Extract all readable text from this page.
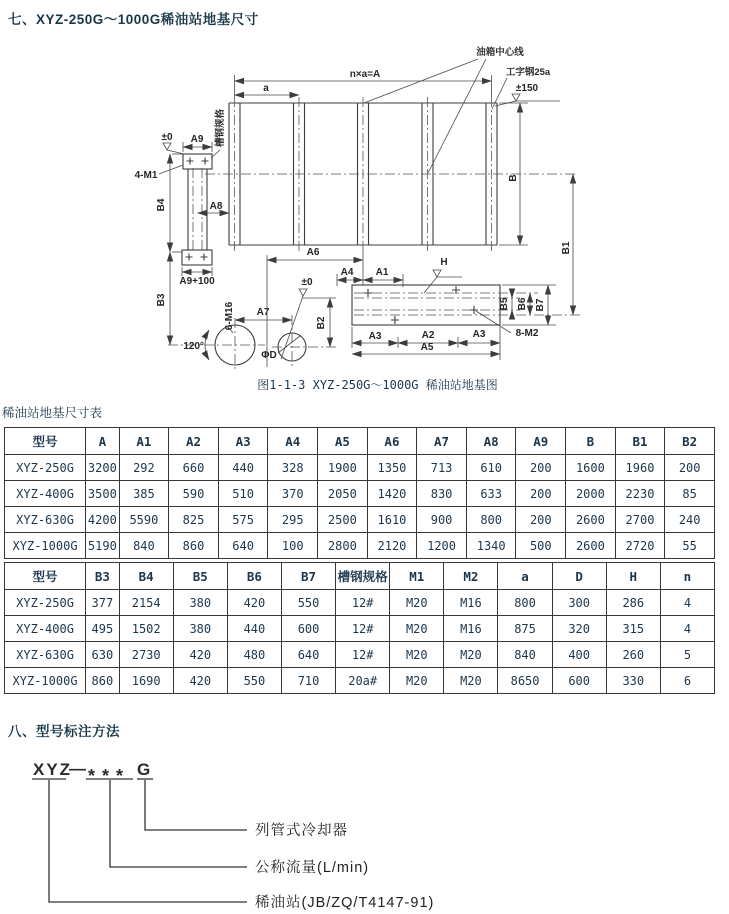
七、XYZ-250G～1000G稀油站地基尺寸
n×a=A
a
油箱中心线
工字钢25a
±150
B
B1
±0 A9 槽钢规格
4-M1
B4	A8
A9+100
B3
120°
6-M16
±0
A7
ΦD
B2
B5 B6 B7
H
A6
A4 A1
8-M2
A3	A2	A3
A5
图1-1-3 XYZ-250G～1000G 稀油站地基图
稀油站地基尺寸表
型号	A	A1	A2	A3	A4	A5	A6	A7	A8	A9	B	B1	B2
XYZ-250G	3200	292	660	440	328	1900	1350	713	610	200	1600	1960	200
XYZ-400G	3500	385	590	510	370	2050	1420	830	633	200	2000	2230	85
XYZ-630G	4200	5590	825	575	295	2500	1610	900	800	200	2600	2700	240
XYZ-1000G	5190	840	860	640	100	2800	2120	1200	1340	500	2600	2720	55
型号	B3	B4	B5	B6	B7	槽钢规格	M1	M2	a	D	H	n
XYZ-250G	377	2154	380	420	550	12#	M20	M16	800	300	286	4
XYZ-400G	495	1502	380	440	600	12#	M20	M16	875	320	315	4
XYZ-630G	630	2730	420	480	640	12#	M20	M20	840	400	260	5
XYZ-1000G	860	1690	420	550	710	20a#	M20	M20	8650	600	330	6
八、型号标注方法
XYZ
— *** G
列管式冷却器
公称流量(L/min)
稀油站(JB/ZQ/T4147-91)
